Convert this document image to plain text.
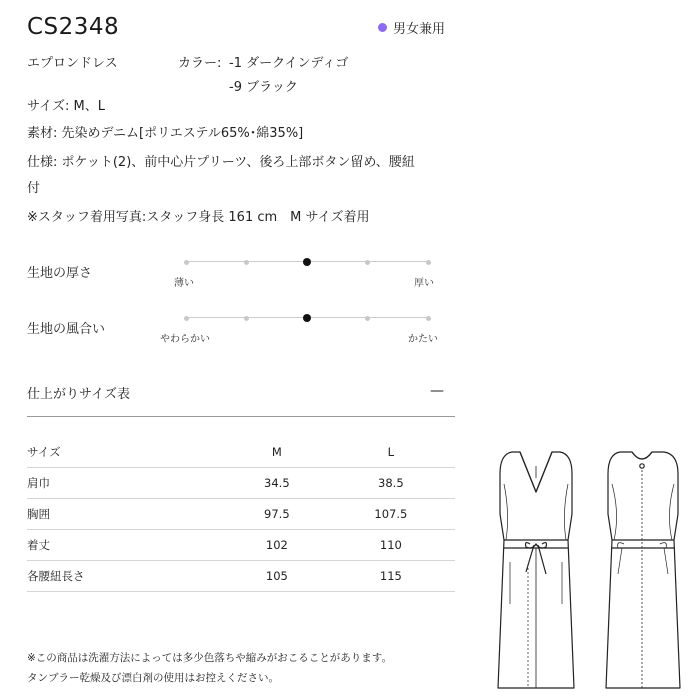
CS2348	男女兼用
エプロンドレス	カラー: -1 ダークインディゴ
-9 ブラック
サイズ: M、L
素材: 先染めデニム[ポリエステル65%･綿35%]
仕様: ポケット(2)、前中心片プリーツ、後ろ上部ボタン留め、腰紐
付
※スタッフ着用写真:スタッフ身長 161 cm　M サイズ着用
生地の厚さ
薄い	厚い
生地の風合い
やわらかい	かたい
仕上がりサイズ表	—
サイズ	M	L
肩巾	34.5	38.5
胸囲	97.5	107.5
着丈	102	110
各腰紐長さ	105	115
※この商品は洗濯方法によっては多少色落ちや縮みがおこることがあります。
タンブラー乾燥及び漂白剤の使用はお控えください。
